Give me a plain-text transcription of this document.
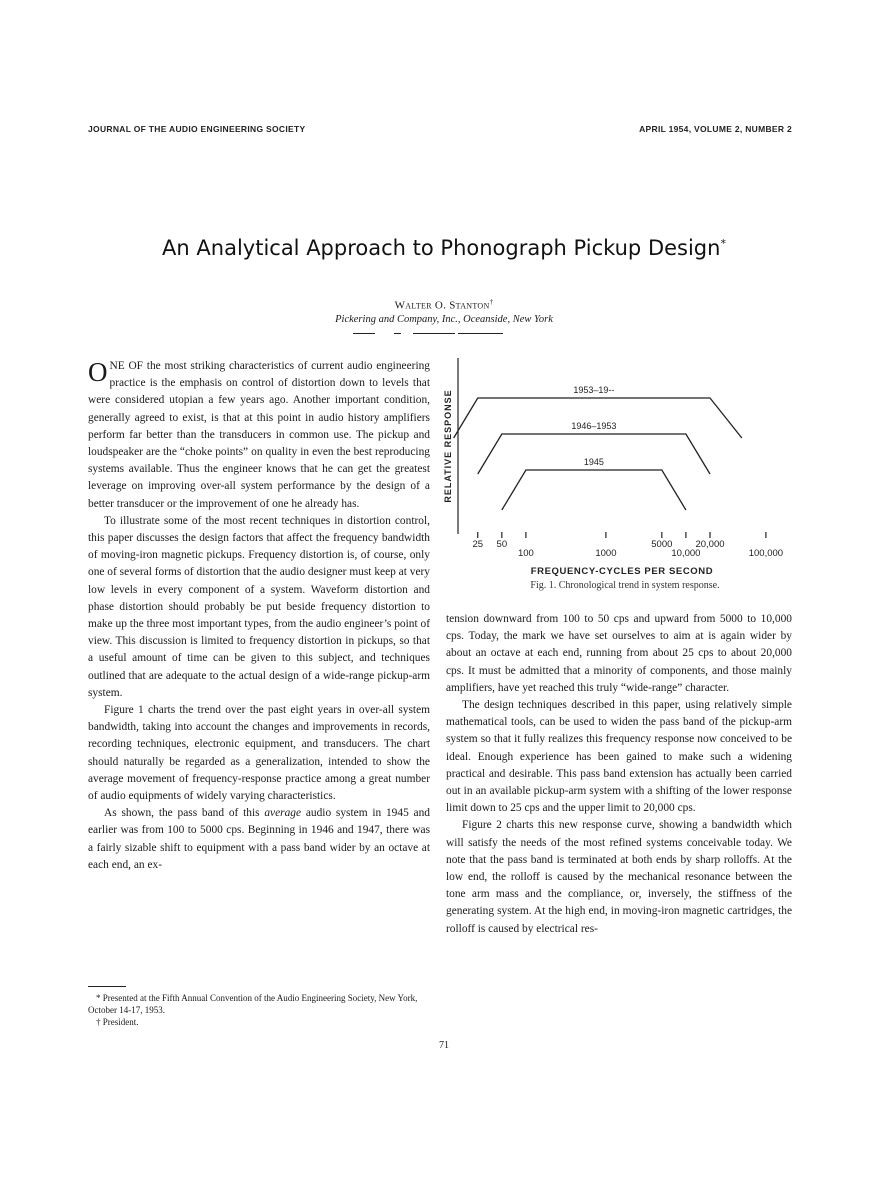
JOURNAL OF THE AUDIO ENGINEERING SOCIETY	APRIL 1954, VOLUME 2, NUMBER 2
An Analytical Approach to Phonograph Pickup Design*
Walter O. Stanton†
Pickering and Company, Inc., Oceanside, New York

ONE OF the most striking characteristics of current audio engineering practice is the emphasis on control of distortion down to levels that were considered utopian a few years ago. Another important condition, generally agreed to exist, is that at this point in audio history amplifiers perform far better than the transducers in common use. The pickup and loudspeaker are the “choke points” on quality in even the best reproducing systems available. Thus the engineer knows that he can get the greatest leverage on improving over-all system performance by the design of a better transducer or the improvement of one he already has.

To illustrate some of the most recent techniques in distortion control, this paper discusses the design factors that affect the frequency bandwidth of moving-iron magnetic pickups. Frequency distortion is, of course, only one of several forms of distortion that the audio designer must keep at very low levels in every component of a system. Waveform distortion and phase distortion should probably be put beside frequency distortion to make up the three most important types, from the audio engineer’s point of view. This discussion is limited to frequency distortion in pickups, so that a useful amount of time can be given to this subject, and techniques outlined that are adequate to the actual design of a wide-range pickup-arm system.

Figure 1 charts the trend over the past eight years in over-all system bandwidth, taking into account the changes and improvements in records, recording techniques, electronic equipment, and transducers. The chart should naturally be regarded as a generalization, intended to show the average movement of frequency-response practice among a great number of audio equipments of widely varying characteristics.

As shown, the pass band of this average audio system in 1945 and earlier was from 100 to 5000 cps. Beginning in 1946 and 1947, there was a fairly sizable shift to equipment with a pass band wider by an octave at each end, an ex-

RELATIVE RESPONSE
25 50	5000 20,000
100	1000	10,000	100,000
1945
1946–1953
1953–19--
FREQUENCY-CYCLES PER SECOND
Fig. 1. Chronological trend in system response.

tension downward from 100 to 50 cps and upward from 5000 to 10,000 cps. Today, the mark we have set ourselves to aim at is again wider by about an octave at each end, running from about 25 cps to about 20,000 cps. It must be admitted that a minority of components, and those mainly amplifiers, have yet reached this truly “wide-range” character.

The design techniques described in this paper, using relatively simple mathematical tools, can be used to widen the pass band of the pickup-arm system so that it fully realizes this frequency response now conceived to be ideal. Enough experience has been gained to make such a widening practical and desirable. This pass band extension has actually been carried out in an available pickup-arm system with a shifting of the lower response limit down to 25 cps and the upper limit to 20,000 cps.

Figure 2 charts this new response curve, showing a bandwidth which will satisfy the needs of the most refined systems conceivable today. We note that the pass band is terminated at both ends by sharp rolloffs. At the low end, the rolloff is caused by the mechanical resonance between the tone arm mass and the compliance, or, inversely, the stiffness of the generating system. At the high end, in moving-iron magnetic cartridges, the rolloff is caused by electrical res-

* Presented at the Fifth Annual Convention of the Audio Engineering Society, New York, October 14-17, 1953.
† President.
71
